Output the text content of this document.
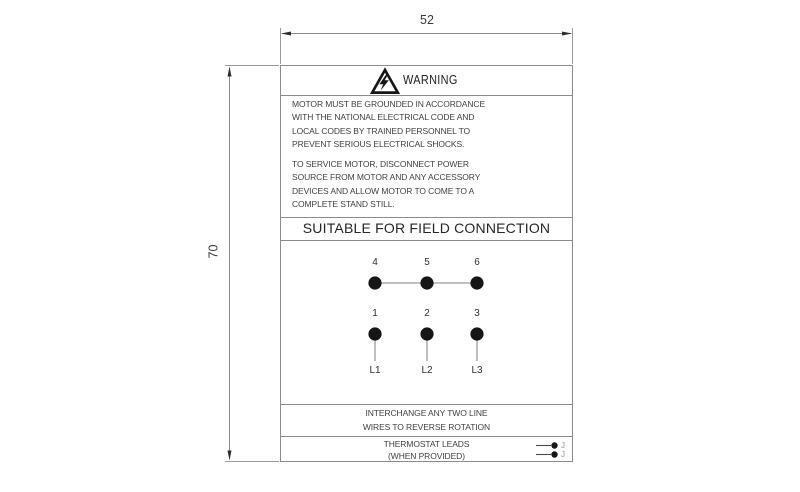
52
70
WARNING
MOTOR MUST BE GROUNDED IN ACCORDANCE
WITH THE NATIONAL ELECTRICAL CODE AND
LOCAL CODES BY TRAINED PERSONNEL TO
PREVENT SERIOUS ELECTRICAL SHOCKS.
TO SERVICE MOTOR, DISCONNECT POWER
SOURCE FROM MOTOR AND ANY ACCESSORY
DEVICES AND ALLOW MOTOR TO COME TO A
COMPLETE STAND STILL.
SUITABLE FOR FIELD CONNECTION
4	5	6
1	2	3
L1	L2	L3
INTERCHANGE ANY TWO LINE
WIRES TO REVERSE ROTATION
THERMOSTAT LEADS
(WHEN PROVIDED)
J
J
